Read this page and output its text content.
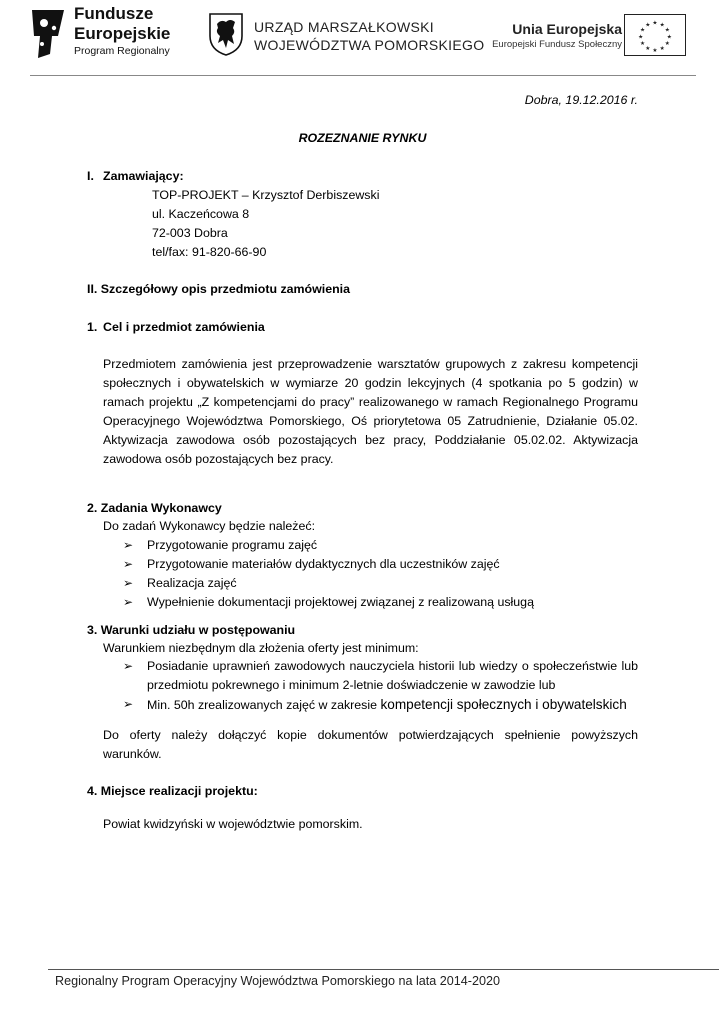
Fundusze
Europejskie
Program Regionalny
URZĄD MARSZAŁKOWSKI
WOJEWÓDZTWA POMORSKIEGO
Unia Europejska
Europejski Fundusz Społeczny
★ ★
★
★
★
★
★
★
★
★
★
★
Dobra, 19.12.2016 r.
ROZEZNANIE RYNKU
I. Zamawiający:
TOP-PROJEKT – Krzysztof Derbiszewski
ul. Kaczeńcowa 8
72-003 Dobra
tel/fax: 91-820-66-90
II. Szczegółowy opis przedmiotu zamówienia
1. Cel i przedmiot zamówienia
Przedmiotem zamówienia jest przeprowadzenie warsztatów grupowych z zakresu kompetencji społecznych i obywatelskich w wymiarze 20 godzin lekcyjnych (4 spotkania po 5 godzin) w ramach projektu „Z kompetencjami do pracy” realizowanego w ramach Regionalnego Programu Operacyjnego Województwa Pomorskiego, Oś priorytetowa 05 Zatrudnienie, Działanie 05.02. Aktywizacja zawodowa osób pozostających bez pracy, Poddziałanie 05.02.02. Aktywizacja zawodowa osób pozostających bez pracy.
2. Zadania Wykonawcy
Do zadań Wykonawcy będzie należeć:
➢ Przygotowanie programu zajęć
➢ Przygotowanie materiałów dydaktycznych dla uczestników zajęć
➢ Realizacja zajęć
➢ Wypełnienie dokumentacji projektowej związanej z realizowaną usługą
3. Warunki udziału w postępowaniu
Warunkiem niezbędnym dla złożenia oferty jest minimum:
➢ Posiadanie uprawnień zawodowych nauczyciela historii lub wiedzy o społeczeństwie lub przedmiotu pokrewnego i minimum 2-letnie doświadczenie w zawodzie lub
➢ Min. 50h zrealizowanych zajęć w zakresie kompetencji społecznych i obywatelskich
Do oferty należy dołączyć kopie dokumentów potwierdzających spełnienie powyższych warunków.
4. Miejsce realizacji projektu:
Powiat kwidzyński w województwie pomorskim.
Regionalny Program Operacyjny Województwa Pomorskiego na lata 2014-2020
